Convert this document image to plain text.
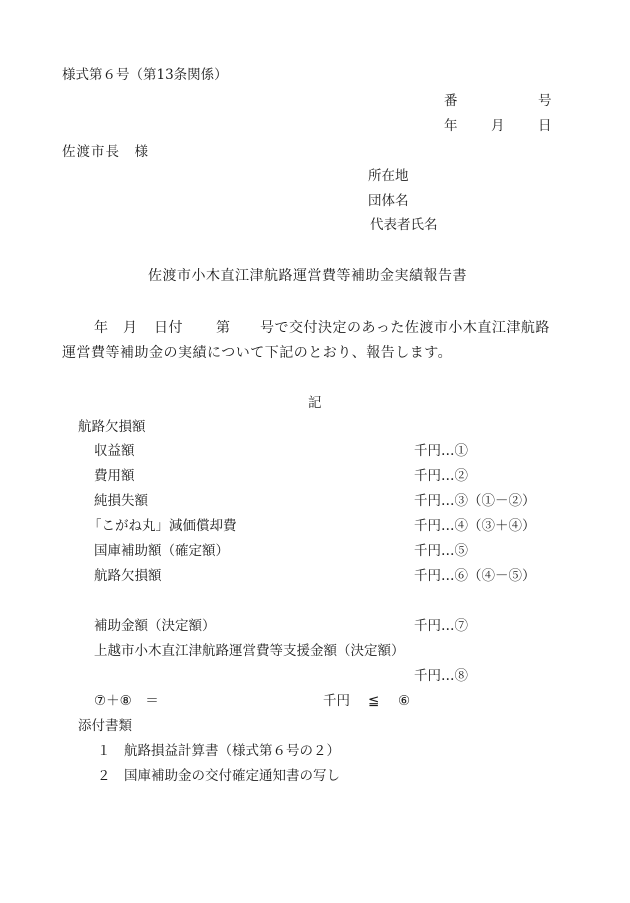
様式第６号（第13条関係）
番	号
年 月 日
佐渡市長　様
所在地
団体名
代表者氏名
佐渡市小木直江津航路運営費等補助金実績報告書
年 月 日付 第 号で交付決定のあった佐渡市小木直江津航路
運営費等補助金の実績について下記のとおり、報告します。
記
航路欠損額
収益額	千円…①
費用額	千円…②
純損失額	千円…③（①－②）
「こがね丸」減価償却費	千円…④（③＋④）
国庫補助額（確定額）	千円…⑤
航路欠損額	千円…⑥（④－⑤）
補助金額（決定額）	千円…⑦
上越市小木直江津航路運営費等支援金額（決定額）
千円…⑧
⑦＋⑧　＝	千円 ≦ ⑥
添付書類
１ 航路損益計算書（様式第６号の２）
２ 国庫補助金の交付確定通知書の写し
